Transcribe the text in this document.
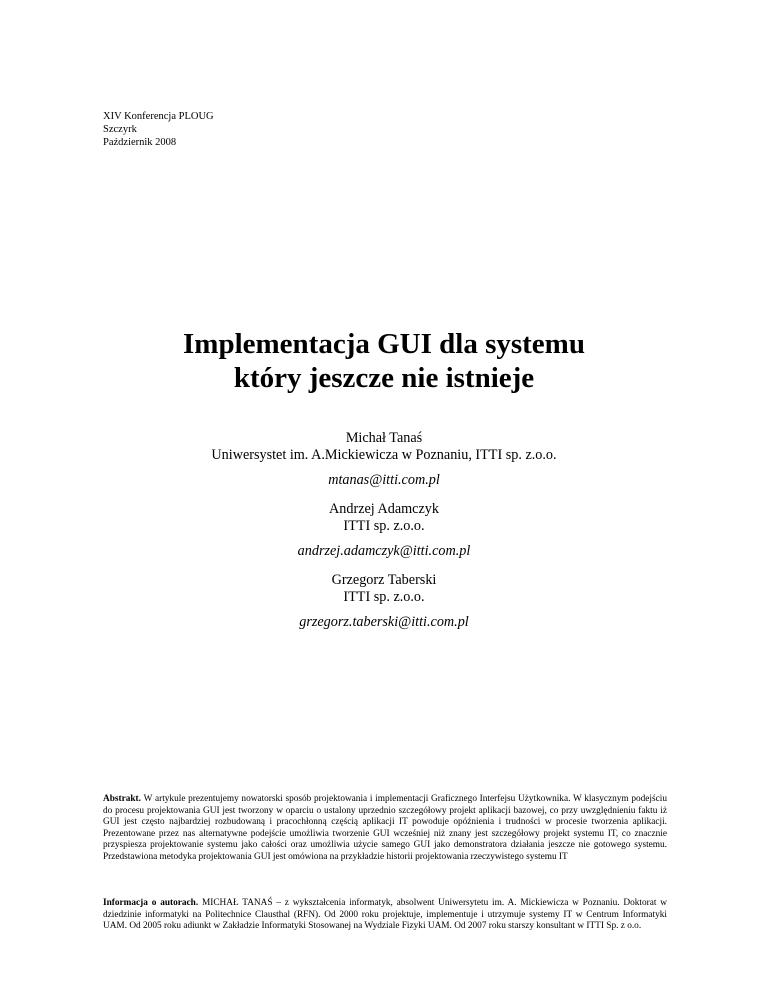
XIV Konferencja PLOUG
Szczyrk
Październik 2008
Implementacja GUI dla systemu
który jeszcze nie istnieje
Michał Tanaś
Uniwersystet im. A.Mickiewicza w Poznaniu, ITTI sp. z.o.o.
mtanas@itti.com.pl
Andrzej Adamczyk
ITTI sp. z.o.o.
andrzej.adamczyk@itti.com.pl
Grzegorz Taberski
ITTI sp. z.o.o.
grzegorz.taberski@itti.com.pl
Abstrakt. W artykule prezentujemy nowatorski sposób projektowania i implementacji Graficznego Interfejsu Użytkownika. W klasycznym podejściu do procesu projektowania GUI jest tworzony w oparciu o ustalony uprzednio szczegółowy projekt aplikacji bazowej, co przy uwzględnieniu faktu iż GUI jest często najbardziej rozbudowaną i pracochłonną częścią aplikacji IT powoduje opóźnienia i trudności w procesie tworzenia aplikacji. Prezentowane przez nas alternatywne podejście umożliwia tworzenie GUI wcześniej niż znany jest szczegółowy projekt systemu IT, co znacznie przyspiesza projektowanie systemu jako całości oraz umożliwia użycie samego GUI jako demonstratora działania jeszcze nie gotowego systemu. Przedstawiona metodyka projektowania GUI jest omówiona na przykładzie historii projektowania rzeczywistego systemu IT
Informacja o autorach. MICHAŁ TANAŚ – z wykształcenia informatyk, absolwent Uniwersytetu im. A. Mickiewicza w Poznaniu. Doktorat w dziedzinie informatyki na Politechnice Clausthal (RFN). Od 2000 roku projektuje, implementuje i utrzymuje systemy IT w Centrum Informatyki UAM. Od 2005 roku adiunkt w Zakładzie Informatyki Stosowanej na Wydziale Fizyki UAM. Od 2007 roku starszy konsultant w ITTI Sp. z o.o.
